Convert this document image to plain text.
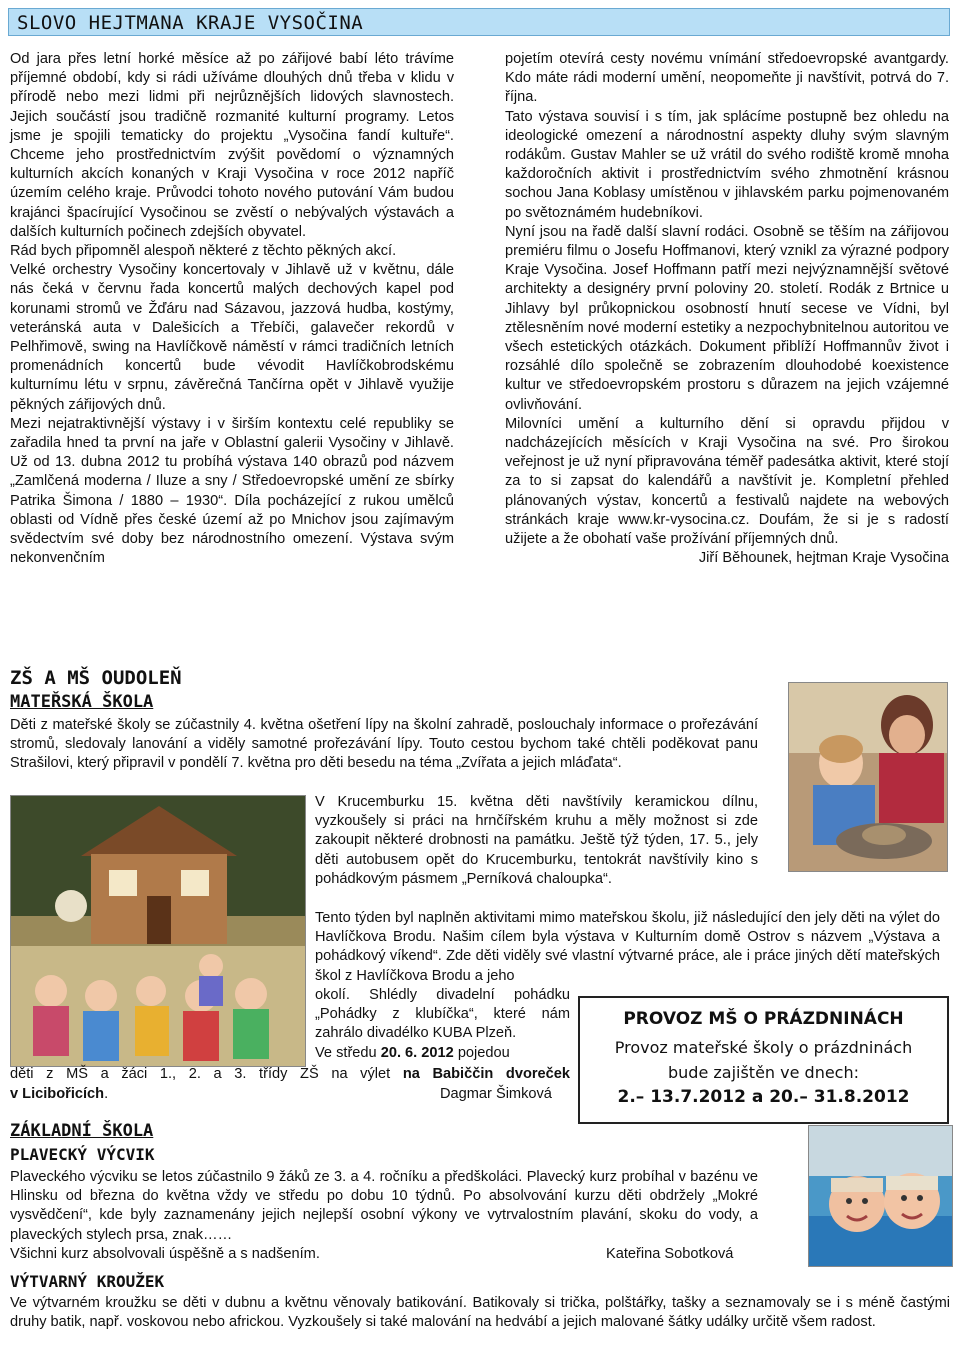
SLOVO HEJTMANA KRAJE VYSOČINA

Od jara přes letní horké měsíce až po zářijové babí léto trávíme příjemné období, kdy si rádi užíváme dlouhých dnů třeba v klidu v přírodě nebo mezi lidmi při nejrůznějších lidových slavnostech. Jejich součástí jsou tradičně rozmanité kulturní programy. Letos jsme je spojili tematicky do projektu „Vysočina fandí kultuře“. Chceme jeho prostřednictvím zvýšit povědomí o významných kulturních akcích konaných v Kraji Vysočina v roce 2012 napříč územím celého kraje. Průvodci tohoto nového putování Vám budou krajánci špacírující Vysočinou se zvěstí o nebývalých výstavách a dalších kulturních počinech zdejších obyvatel.

Rád bych připomněl alespoň některé z těchto pěkných akcí.

Velké orchestry Vysočiny koncertovaly v Jihlavě už v květnu, dále nás čeká v červnu řada koncertů malých dechových kapel pod korunami stromů ve Žďáru nad Sázavou, jazzová hudba, kostýmy, veteránská auta v Dalešicích a Třebíči, galavečer rekordů v Pelhřimově, swing na Havlíčkově náměstí v rámci tradičních letních promenádních koncertů bude vévodit Havlíčkobrodskému kulturnímu létu v srpnu, závěrečná Tančírna opět v Jihlavě využije pěkných zářijových dnů.

Mezi nejatraktivnější výstavy i v širším kontextu celé republiky se zařadila hned ta první na jaře v Oblastní galerii Vysočiny v Jihlavě. Už od 13. dubna 2012 tu probíhá výstava 140 obrazů pod názvem „Zamlčená moderna / Iluze a sny / Středoevropské umění ze sbírky Patrika Šimona / 1880 – 1930“. Díla pocházející z rukou umělců oblasti od Vídně přes české území až po Mnichov jsou zajímavým svědectvím své doby bez národnostního omezení. Výstava svým nekonvenčním

pojetím otevírá cesty novému vnímání středoevropské avantgardy. Kdo máte rádi moderní umění, neopomeňte ji navštívit, potrvá do 7. října.

Tato výstava souvisí i s tím, jak splácíme postupně bez ohledu na ideologické omezení a národnostní aspekty dluhy svým slavným rodákům. Gustav Mahler se už vrátil do svého rodiště kromě mnoha každoročních aktivit i prostřednictvím svého zhmotnění krásnou sochou Jana Koblasy umístěnou v jihlavském parku pojmenovaném po světoznámém hudebníkovi.

Nyní jsou na řadě další slavní rodáci. Osobně se těším na zářijovou premiéru filmu o Josefu Hoffmanovi, který vznikl za výrazné podpory Kraje Vysočina. Josef Hoffmann patří mezi nejvýznamnější světové architekty a designéry první poloviny 20. století. Rodák z Brtnice u Jihlavy byl průkopnickou osobností hnutí secese ve Vídni, byl ztělesněním nové moderní estetiky a nezpochybnitelnou autoritou ve všech estetických otázkách. Dokument přiblíží Hoffmannův život i rozsáhlé dílo společně se zobrazením dlouhodobé koexistence kultur ve středoevropském prostoru s důrazem na jejich vzájemné ovlivňování.

Milovníci umění a kulturního dění si opravdu přijdou v nadcházejících měsících v Kraji Vysočina na své. Pro širokou veřejnost je už nyní připravována téměř padesátka aktivit, které stojí za to si zapsat do kalendářů a navštívit je. Kompletní přehled plánovaných výstav, koncertů a festivalů najdete na webových stránkách kraje www.kr-vysocina.cz. Doufám, že si je s radostí užijete a že obohatí vaše prožívání příjemných dnů.

Jiří Běhounek, hejtman Kraje Vysočina

ZŠ A MŠ OUDOLEŇ
MATEŘSKÁ ŠKOLA

Děti z mateřské školy se zúčastnily 4. května ošetření lípy na školní zahradě, poslouchaly informace o prořezávání stromů, sledovaly lanování a viděly samotné prořezávání lípy. Touto cestou bychom také chtěli poděkovat panu Strašilovi, který připravil v pondělí 7. května pro děti besedu na téma „Zvířata a jejich mláďata“.

V Krucemburku 15. května děti navštívily keramickou dílnu, vyzkoušely si práci na hrnčířském kruhu a měly možnost si zde zakoupit některé drobnosti na památku. Ještě týž týden, 17. 5., jely děti autobusem opět do Krucemburku, tentokrát navštívily kino s pohádkovým pásmem „Perníková chaloupka“.

Tento týden byl naplněn aktivitami mimo mateřskou školu, již následující den jely děti na výlet do Havlíčkova Brodu. Našim cílem byla výstava v Kulturním domě Ostrov s názvem „Výstava a pohádkový víkend“. Zde děti viděly své vlastní výtvarné práce, ale i práce jiných dětí mateřských škol z Havlíčkova Brodu a jeho

okolí. Shlédly divadelní pohádku „Pohádky z klubíčka“, které nám zahrálo divadélko KUBA Plzeň.

Ve středu 20. 6. 2012 pojedou

děti z MŠ a žáci 1., 2. a 3. třídy ZŠ na výlet na Babiččin dvoreček
v Licibořicích.	Dagmar Šimková
PROVOZ MŠ O PRÁZDNINÁCH
Provoz mateřské školy o prázdninách
bude zajištěn ve dnech:
2.– 13.7.2012 a 20.– 31.8.2012
ZÁKLADNÍ ŠKOLA
PLAVECKÝ VÝCVIK

Plaveckého výcviku se letos zúčastnilo 9 žáků ze 3. a 4. ročníku a předškoláci. Plavecký kurz probíhal v bazénu ve Hlinsku od března do května vždy ve středu po dobu 10 týdnů. Po absolvování kurzu děti obdržely „Mokré vysvědčení“, kde byly zaznamenány jejich nejlepší osobní výkony ve vytrvalostním plavání, skoku do vody, a plaveckých stylech prsa, znak……

Všichni kurz absolvovali úspěšně a s nadšením.	Kateřina Sobotková
VÝTVARNÝ KROUŽEK

Ve výtvarném kroužku se děti v dubnu a květnu věnovaly batikování. Batikovaly si trička, polštářky, tašky a seznamovaly se i s méně častými druhy batik, např. voskovou nebo africkou. Vyzkoušely si také malování na hedvábí a jejich malované šátky událky určitě všem radost.
